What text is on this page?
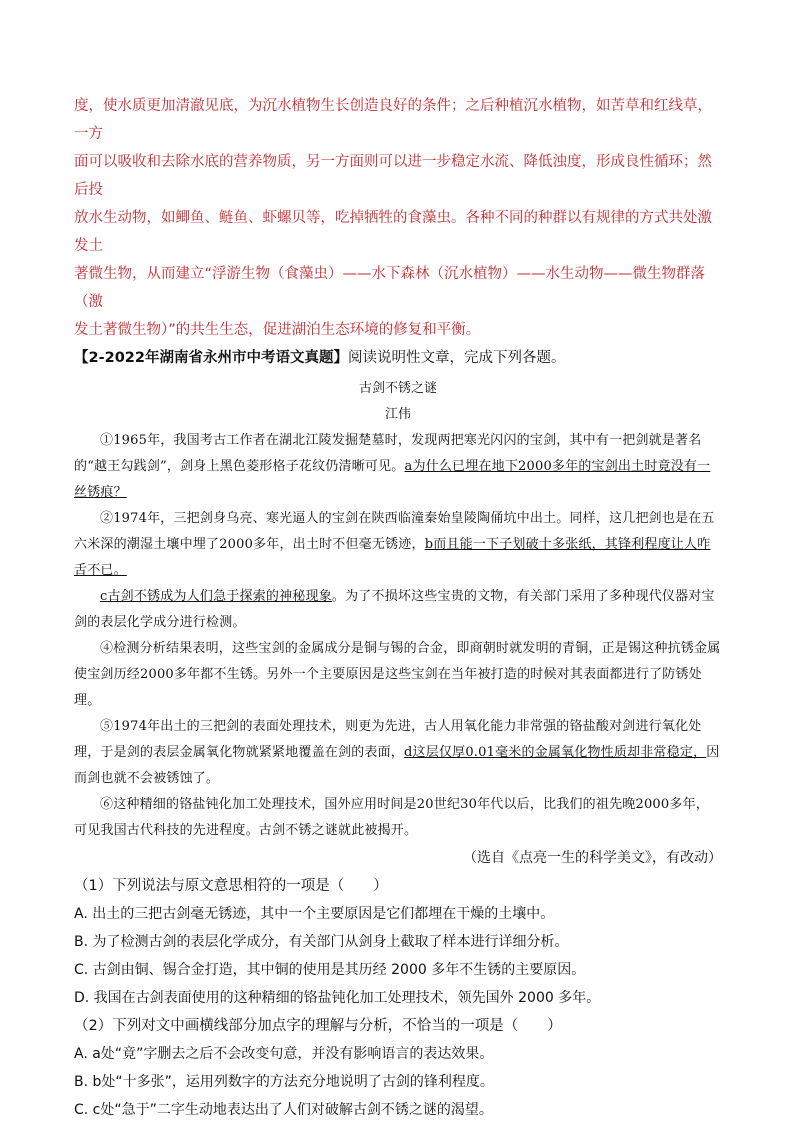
度，使水质更加清澈见底，为沉水植物生长创造良好的条件；之后种植沉水植物，如苦草和红线草，一方

面可以吸收和去除水底的营养物质，另一方面则可以进一步稳定水流、降低浊度，形成良性循环；然后投

放水生动物，如鲫鱼、鲢鱼、虾螺贝等，吃掉牺牲的食藻虫。各种不同的种群以有规律的方式共处激发土

著微生物，从而建立“浮游生物（食藻虫）——水下森林（沉水植物）——水生动物——微生物群落（激

发土著微生物）”的共生生态，促进湖泊生态环境的修复和平衡。

【2-2022年湖南省永州市中考语文真题】阅读说明性文章，完成下列各题。

古剑不锈之谜

江伟

①1965年，我国考古工作者在湖北江陵发掘楚墓时，发现两把寒光闪闪的宝剑，其中有一把剑就是著名的“越王勾践剑”，剑身上黑色菱形格子花纹仍清晰可见。a为什么已埋在地下2000多年的宝剑出土时竟没有一丝锈痕？

②1974年，三把剑身乌亮、寒光逼人的宝剑在陕西临潼秦始皇陵陶俑坑中出土。同样，这几把剑也是在五六米深的潮湿土壤中埋了2000多年，出土时不但毫无锈迹，b而且能一下子划破十多张纸，其锋利程度让人咋舌不已。

c古剑不锈成为人们急于探索的神秘现象。为了不损坏这些宝贵的文物，有关部门采用了多种现代仪器对宝剑的表层化学成分进行检测。

④检测分析结果表明，这些宝剑的金属成分是铜与锡的合金，即商朝时就发明的青铜，正是锡这种抗锈金属使宝剑历经2000多年都不生锈。另外一个主要原因是这些宝剑在当年被打造的时候对其表面都进行了防锈处理。

⑤1974年出土的三把剑的表面处理技术，则更为先进，古人用氧化能力非常强的铬盐酸对剑进行氧化处理，于是剑的表层金属氧化物就紧紧地覆盖在剑的表面，d这层仅厚0.01毫米的金属氧化物性质却非常稳定，因而剑也就不会被锈蚀了。

⑥这种精细的铬盐钝化加工处理技术，国外应用时间是20世纪30年代以后，比我们的祖先晚2000多年，可见我国古代科技的先进程度。古剑不锈之谜就此被揭开。

（选自《点亮一生的科学美文》，有改动）

（1）下列说法与原文意思相符的一项是（　　）

A. 出土的三把古剑毫无锈迹，其中一个主要原因是它们都埋在干燥的土壤中。

B. 为了检测古剑的表层化学成分，有关部门从剑身上截取了样本进行详细分析。

C. 古剑由铜、锡合金打造，其中铜的使用是其历经 2000 多年不生锈的主要原因。

D. 我国在古剑表面使用的这种精细的铬盐钝化加工处理技术，领先国外 2000 多年。

（2）下列对文中画横线部分加点字的理解与分析，不恰当的一项是（　　）

A. a处“竟”字删去之后不会改变句意，并没有影响语言的表达效果。

B. b处“十多张”，运用列数字的方法充分地说明了古剑的锋利程度。

C. c处“急于”二字生动地表达出了人们对破解古剑不锈之谜的渴望。
